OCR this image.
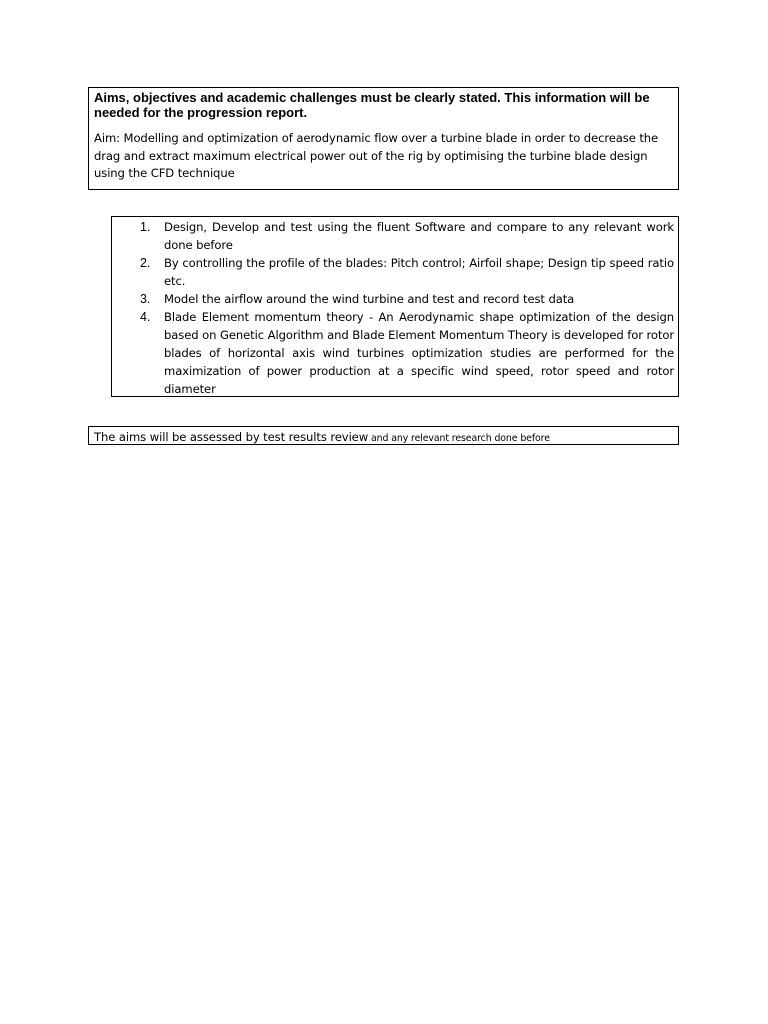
Aims, objectives and academic challenges must be clearly stated. This information will be needed for the progression report.

Aim: Modelling and optimization of aerodynamic flow over a turbine blade in order to decrease the drag and extract maximum electrical power out of the rig by optimising the turbine blade design using the CFD technique

1. Design, Develop and test using the fluent Software and compare to any relevant work done before
2. By controlling the profile of the blades: Pitch control; Airfoil shape; Design tip speed ratio etc.
3. Model the airflow around the wind turbine and test and record test data
4. Blade Element momentum theory - An Aerodynamic shape optimization of the design based on Genetic Algorithm and Blade Element Momentum Theory is developed for rotor blades of horizontal axis wind turbines optimization studies are performed for the maximization of power production at a specific wind speed, rotor speed and rotor diameter
The aims will be assessed by test results review and any relevant research done before
